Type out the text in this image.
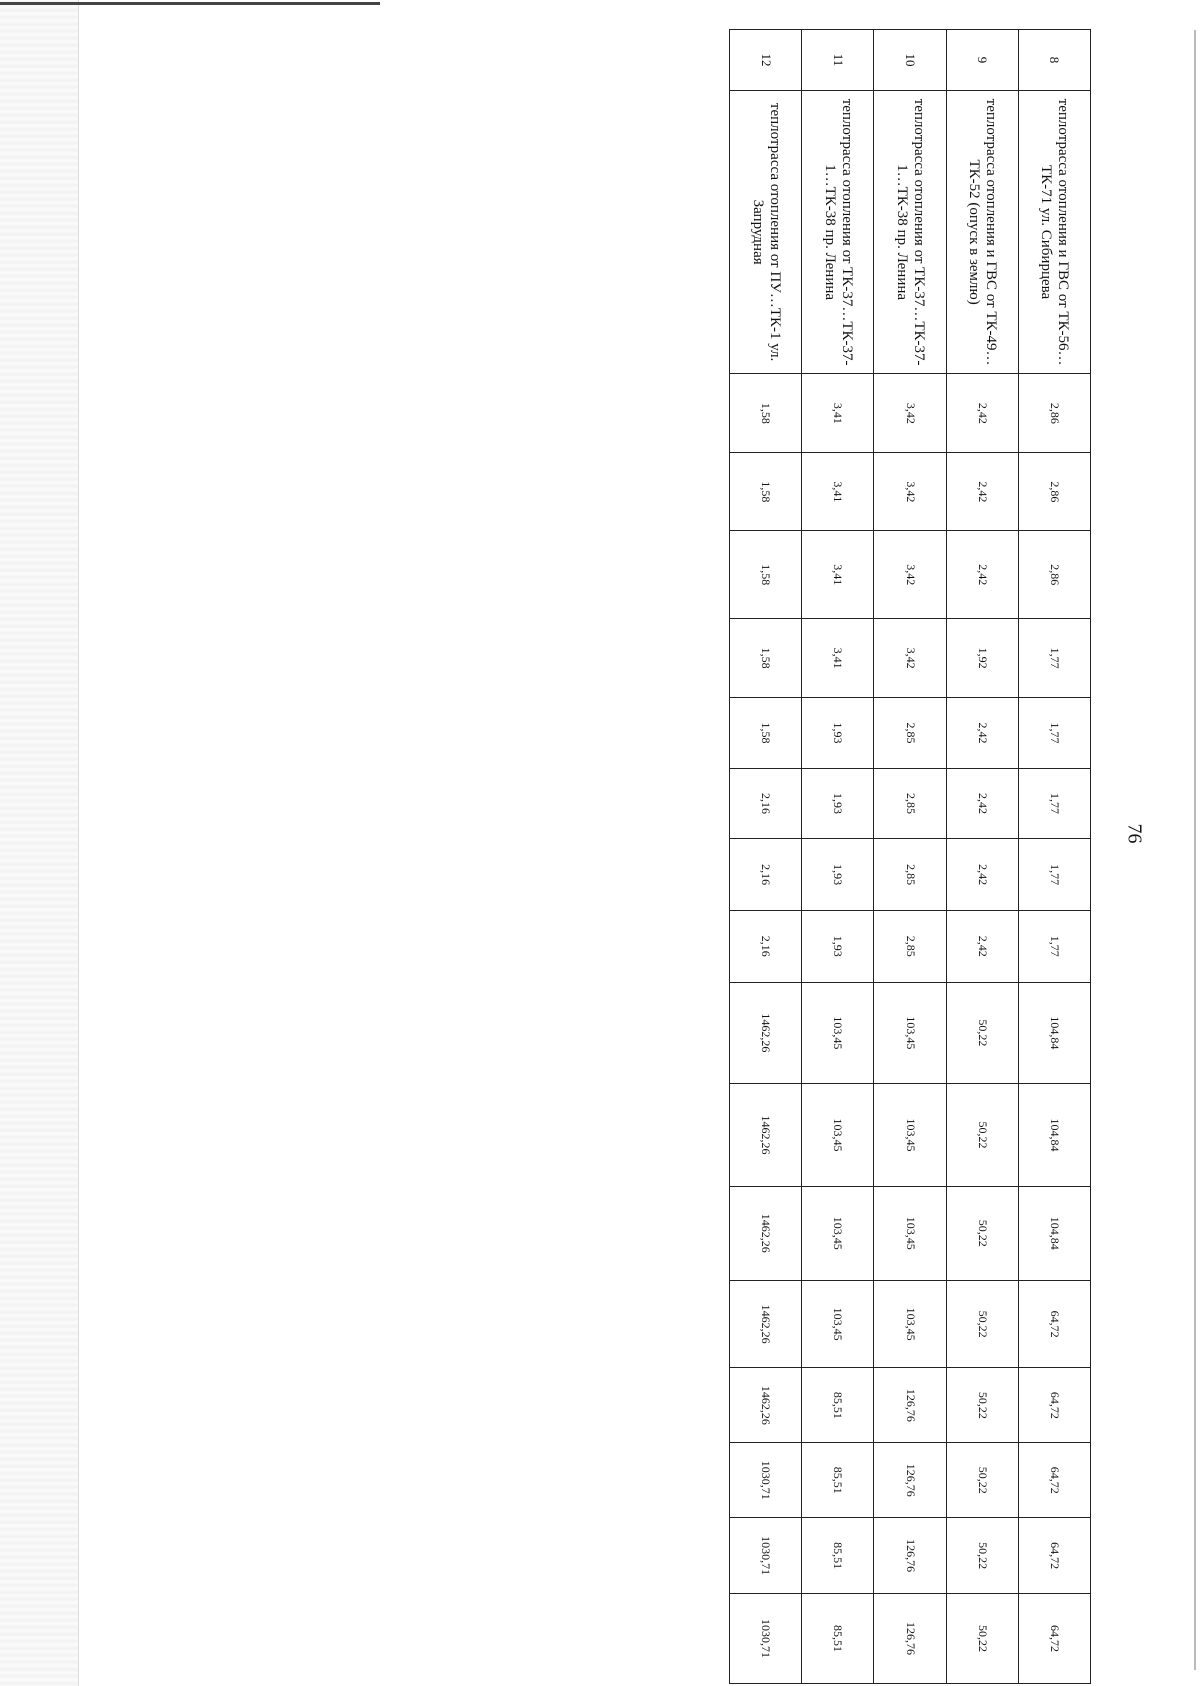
76
8	теплотрасса отопления и ГВС от ТК-56…ТК-71 ул. Сибирцева	2,86	2,86	2,86	1,77	1,77	1,77	1,77	1,77	104,84	104,84	104,84	64,72	64,72	64,72	64,72	64,72
9	теплотрасса отопления и ГВС от ТК-49…ТК-52 (опуск в землю)	2,42	2,42	2,42	1,92	2,42	2,42	2,42	2,42	50,22	50,22	50,22	50,22	50,22	50,22	50,22	50,22
10	теплотрасса отопления от ТК-37…ТК-37-1…ТК-38 пр. Ленина	3,42	3,42	3,42	3,42	2,85	2,85	2,85	2,85	103,45	103,45	103,45	103,45	126,76	126,76	126,76	126,76
11	теплотрасса отопления от ТК-37…ТК-37-1…ТК-38 пр. Ленина	3,41	3,41	3,41	3,41	1,93	1,93	1,93	1,93	103,45	103,45	103,45	103,45	85,51	85,51	85,51	85,51
12	теплотрасса отопления от ПУ…ТК-1 ул. Запрудная	1,58	1,58	1,58	1,58	1,58	2,16	2,16	2,16	1462,26	1462,26	1462,26	1462,26	1462,26	1030,71	1030,71	1030,71
